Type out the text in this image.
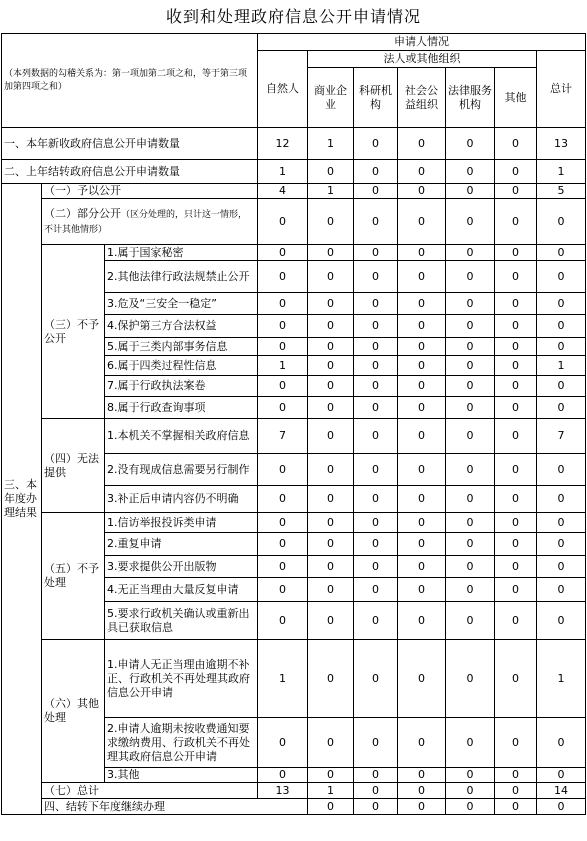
收到和处理政府信息公开申请情况
（本列数据的勾稽关系为：第一项加第二项之和，等于第三项加第四项之和）			申请人情况							
			自然人	法人或其他组织					总计	
				商业企业	科研机构	社会公益组织	法律服务机构	其他		
一、本年新收政府信息公开申请数量			12	1	0	0	0	0	13	
二、上年结转政府信息公开申请数量			1	0	0	0	0	0	1	
三、本年度办理结果	（一）予以公开		4	1	0	0	0	0	5	
	（二）部分公开（区分处理的，只计这一情形，不计其他情形）		0	0	0	0	0	0	0	
	（三）不予公开	1.属于国家秘密	0	0	0	0	0	0	0	
		2.其他法律行政法规禁止公开	0	0	0	0	0	0	0	
		3.危及“三安全一稳定”	0	0	0	0	0	0	0	
		4.保护第三方合法权益	0	0	0	0	0	0	0	
		5.属于三类内部事务信息	0	0	0	0	0	0	0	
		6.属于四类过程性信息	1	0	0	0	0	0	1	
		7.属于行政执法案卷	0	0	0	0	0	0	0	
		8.属于行政查询事项	0	0	0	0	0	0	0	
	（四）无法提供	1.本机关不掌握相关政府信息	7	0	0	0	0	0	7	
		2.没有现成信息需要另行制作	0	0	0	0	0	0	0	
		3.补正后申请内容仍不明确	0	0	0	0	0	0	0	
	（五）不予处理	1.信访举报投诉类申请	0	0	0	0	0	0	0	
		2.重复申请	0	0	0	0	0	0	0	
		3.要求提供公开出版物	0	0	0	0	0	0	0	
		4.无正当理由大量反复申请	0	0	0	0	0	0	0	
		5.要求行政机关确认或重新出具已获取信息	0	0	0	0	0	0	0	
	（六）其他处理	1.申请人无正当理由逾期不补正、行政机关不再处理其政府信息公开申请	1	0	0	0	0	0	1	
		2.申请人逾期未按收费通知要求缴纳费用、行政机关不再处理其政府信息公开申请	0	0	0	0	0	0	0	
		3.其他	0	0	0	0	0	0	0	
	（七）总计		13	1	0	0	0	0	14	
	四、结转下年度继续办理			0	0	0	0	0	0	
